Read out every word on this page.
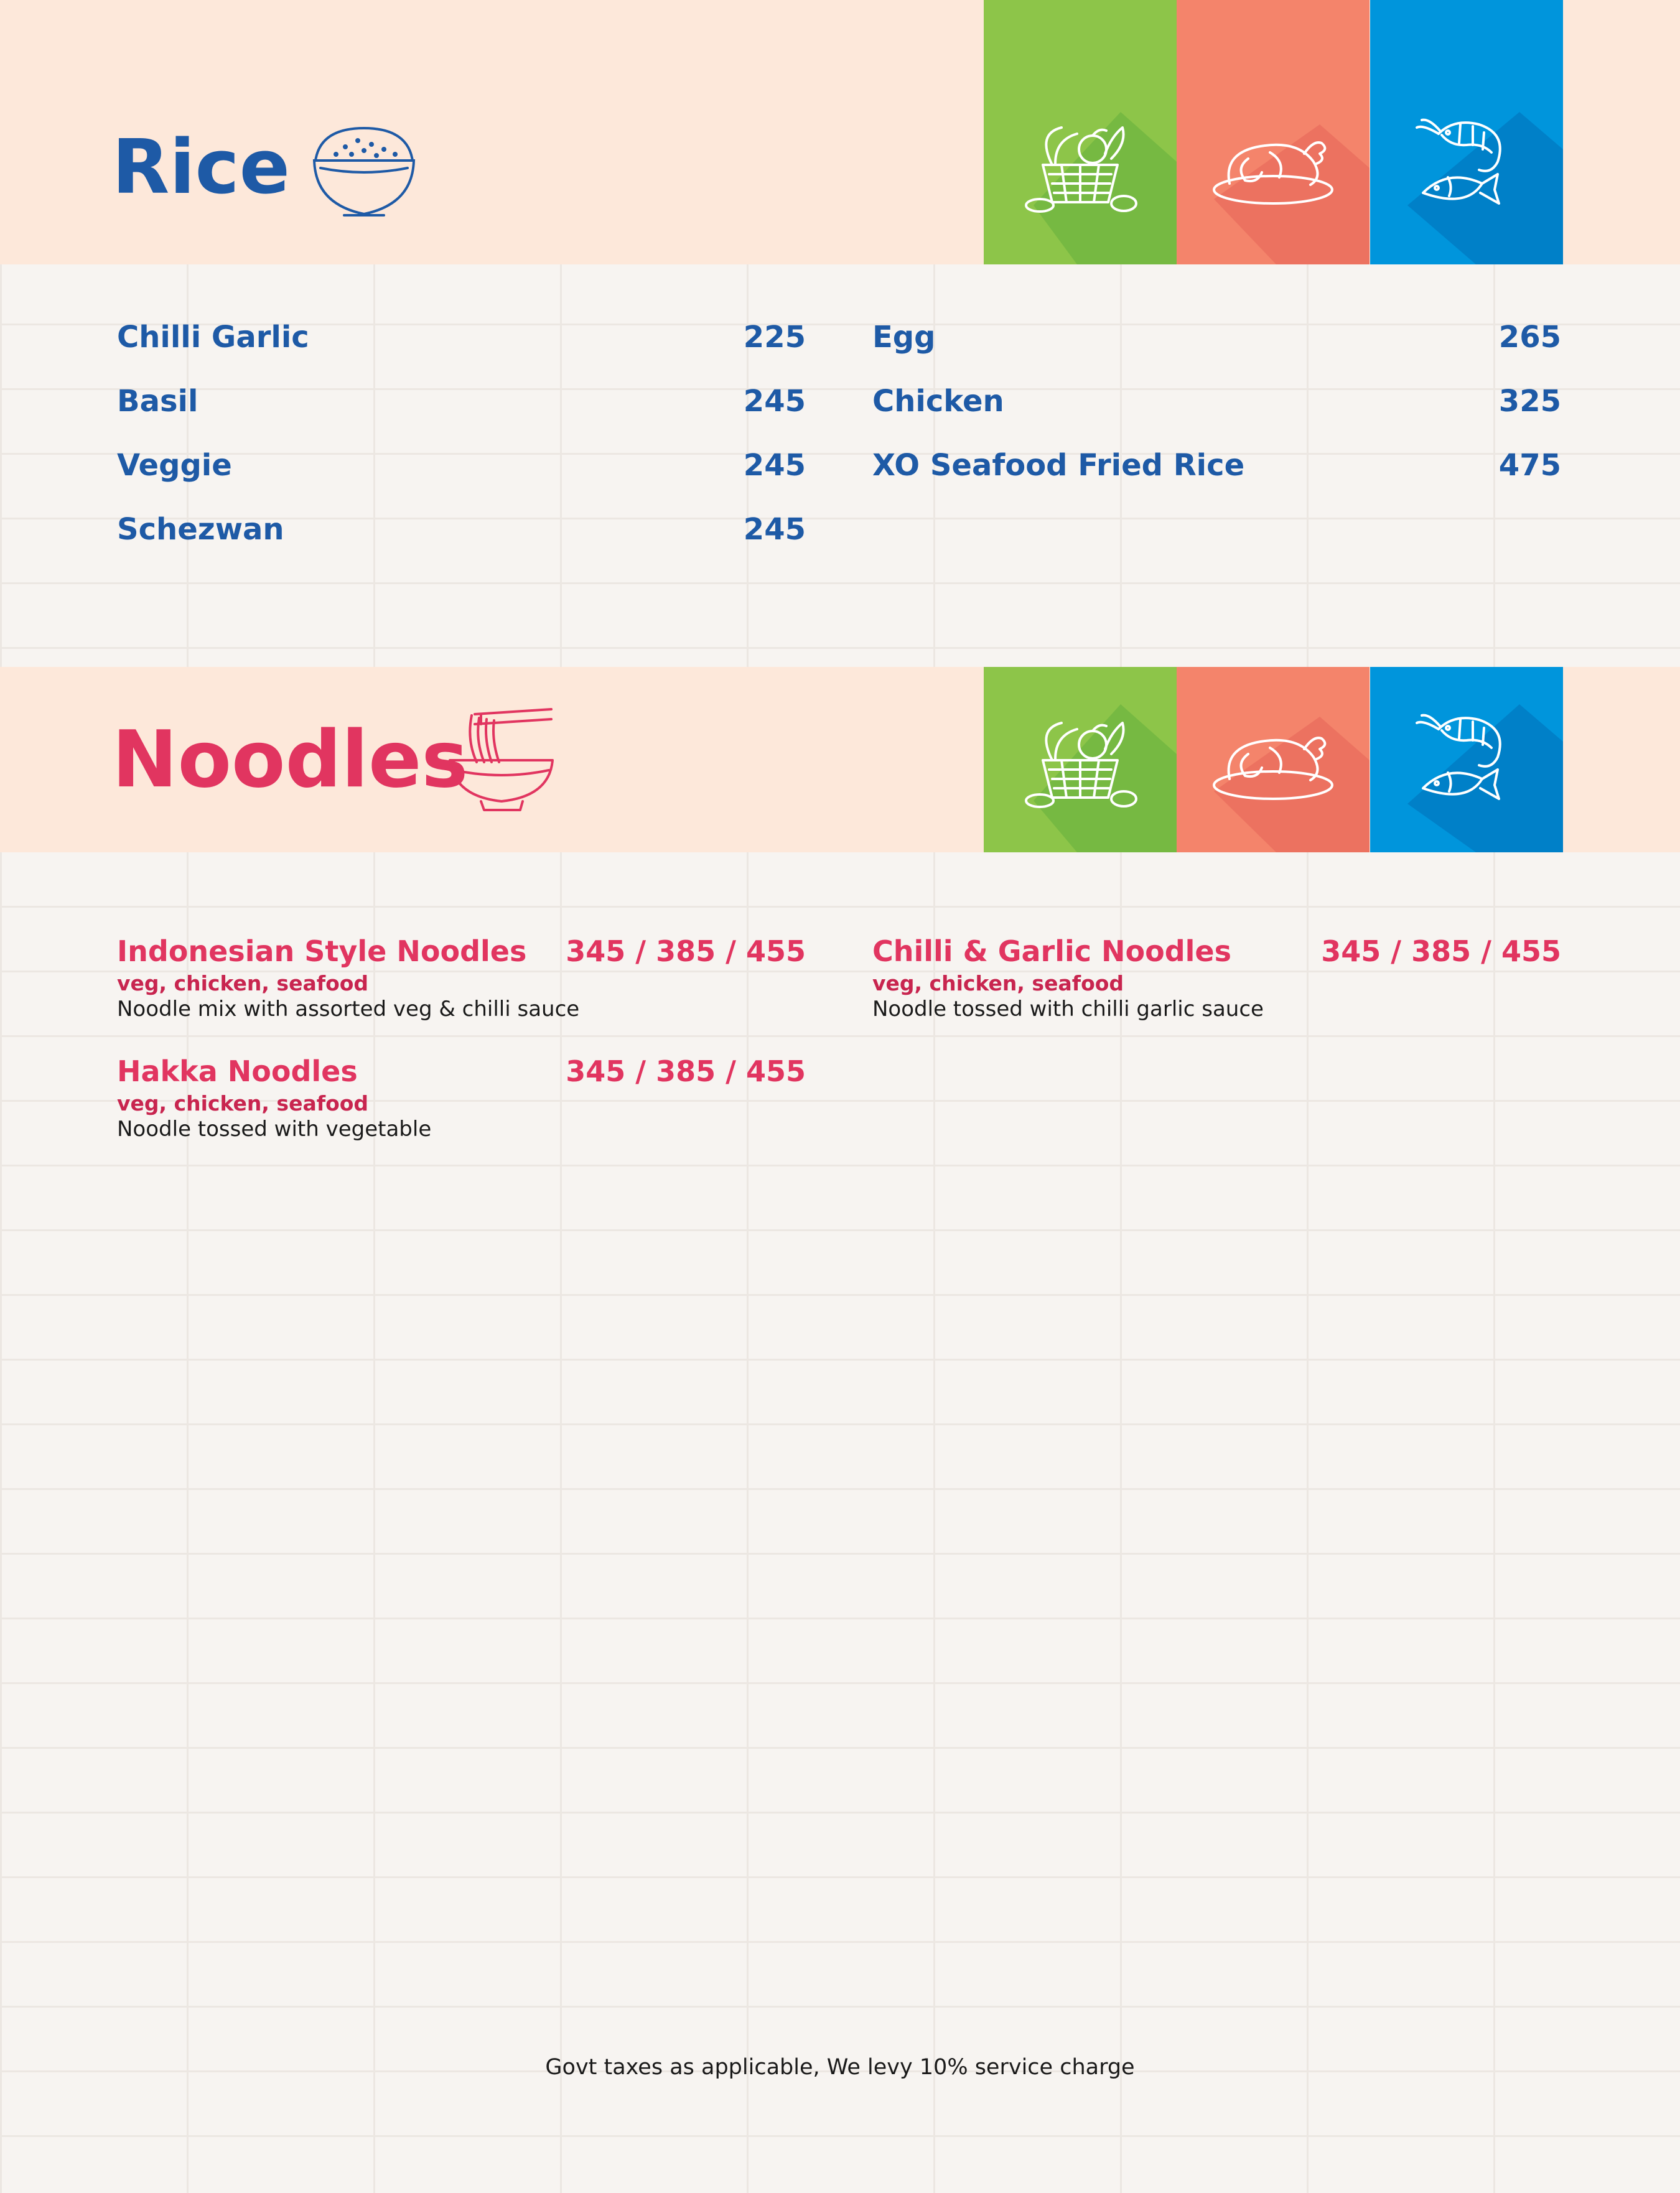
Rice
Chilli Garlic	225
Basil	245
Veggie	245
Schezwan	245
Egg	265
Chicken	325
XO Seafood Fried Rice	475
Noodles
Indonesian Style Noodles 345 / 385 / 455
veg, chicken, seafood
Noodle mix with assorted veg & chilli sauce
Chilli & Garlic Noodles	345 / 385 / 455
veg, chicken, seafood
Noodle tossed with chilli garlic sauce
Hakka Noodles	345 / 385 / 455
veg, chicken, seafood
Noodle tossed with vegetable
Govt taxes as applicable, We levy 10% service charge
